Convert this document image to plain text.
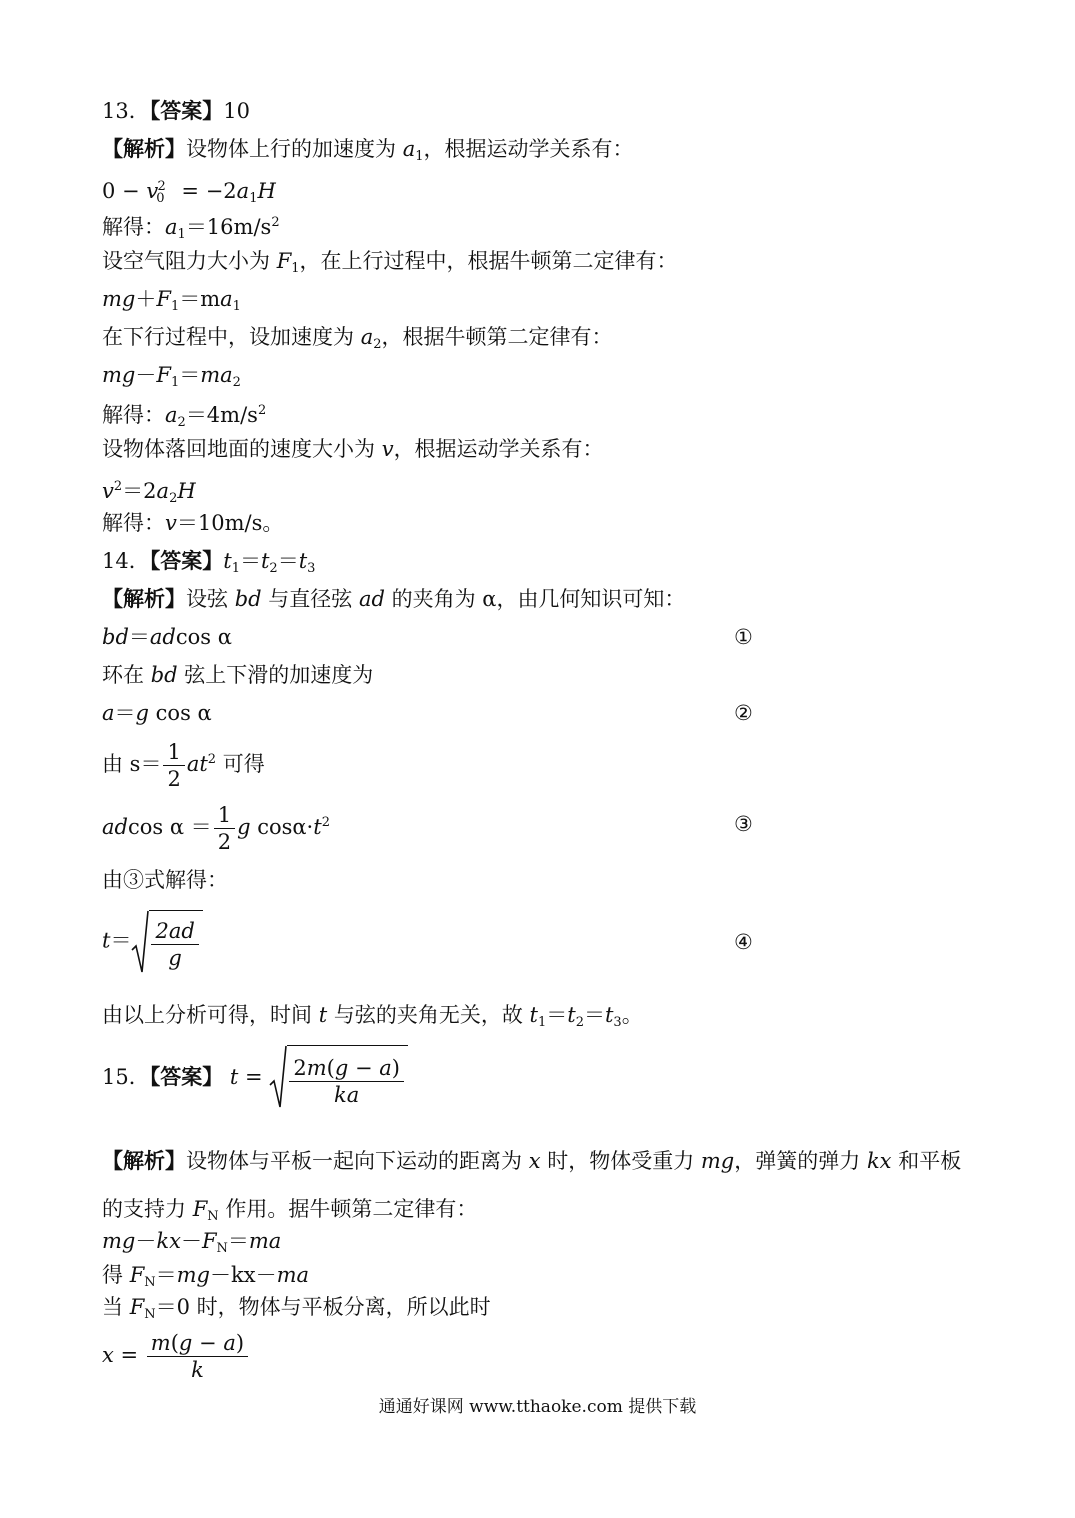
13．【答案】10
【解析】设物体上行的加速度为 $a_1$，根据运动学关系有：
$0 - v_0^2 = -2a_1H$
解得：$a_1=16m/s^2$
设空气阻力大小为 $F_1$，在上行过程中，根据牛顿第二定律有：
$mg+F_1=ma_1$
在下行过程中，设加速度为 $a_2$，根据牛顿第二定律有：
$mg-F_1=ma_2$
解得：$a_2=4m/s^2$
设物体落回地面的速度大小为 v，根据运动学关系有：
$v^2=2a_2H$
解得：v＝10m/s。
14．【答案】$t_1=t_2=t_3$
【解析】设弦 bd 与直径弦 ad 的夹角为 α，由几何知识可知：
bd＝adcos α	①
环在 bd 弦上下滑的加速度为
a＝g cos α	②
由 $s= \frac{1}{2} at^2$ 可得
adcos $\alpha = \frac{1}{2}$ g $\cos\alpha\cdot t^2$	③
由③式解得：
$t= \frac{2ad}{g}$	④
由以上分析可得，时间 t 与弦的夹角无关，故 $t_1=t_2=t_3$。
15．【答案】 $t = \frac{2m(g - a)}{ka}$
【解析】设物体与平板一起向下运动的距离为 x 时，物体受重力 mg，弹簧的弹力 kx 和平板
的支持力 $F_N$ 作用。据牛顿第二定律有：
$mg-kx-F_N=ma$
得 $F_N=mg-kx-ma$
当 $F_N=0$ 时，物体与平板分离，所以此时
$x = \frac{m(g - a)}{k}$
通通好课网 www.tthaoke.com 提供下载
